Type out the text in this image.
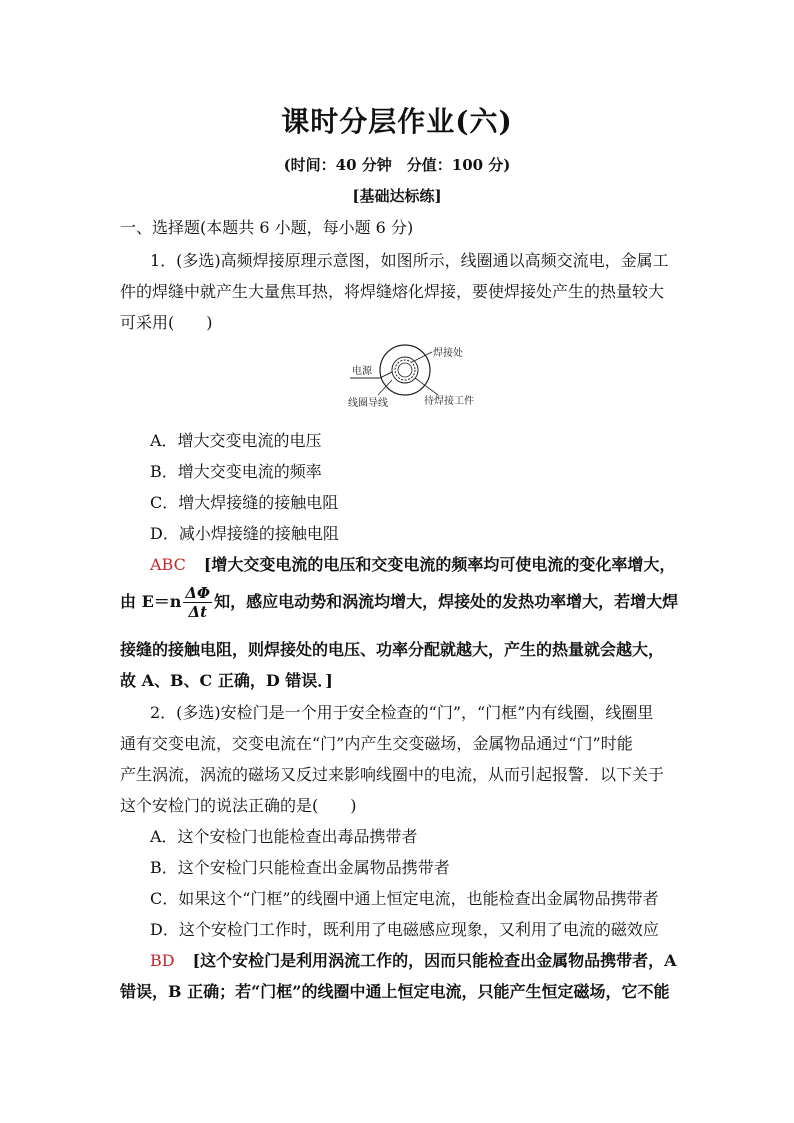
课时分层作业(六)
(时间：40 分钟　分值：100 分)
[基础达标练]
一、选择题(本题共 6 小题，每小题 6 分)
1．(多选)高频焊接原理示意图，如图所示，线圈通以高频交流电，金属工
件的焊缝中就产生大量焦耳热，将焊缝熔化焊接，要使焊接处产生的热量较大
可采用(　　)
电源
焊接处
线圈导线	待焊接工件
A．增大交变电流的电压
B．增大交变电流的频率
C．增大焊接缝的接触电阻
D．减小焊接缝的接触电阻
ABC [增大交变电流的电压和交变电流的频率均可使电流的变化率增大，
由 $E=n \frac{\Delta\Phi}{\Delta t}$ 知，感应电动势和涡流均增大，焊接处的发热功率增大，若增大焊
接缝的接触电阻，则焊接处的电压、功率分配就越大，产生的热量就会越大，
故 A、B、C 正确，D 错误．]
2．(多选)安检门是一个用于安全检查的“门”，“门框”内有线圈，线圈里
通有交变电流，交变电流在“门”内产生交变磁场，金属物品通过“门”时能
产生涡流，涡流的磁场又反过来影响线圈中的电流，从而引起报警．以下关于
这个安检门的说法正确的是(　　)
A．这个安检门也能检查出毒品携带者
B．这个安检门只能检查出金属物品携带者
C．如果这个“门框”的线圈中通上恒定电流，也能检查出金属物品携带者
D．这个安检门工作时，既利用了电磁感应现象，又利用了电流的磁效应
BD [这个安检门是利用涡流工作的，因而只能检查出金属物品携带者，A
错误，B 正确；若“门框”的线圈中通上恒定电流，只能产生恒定磁场，它不能
